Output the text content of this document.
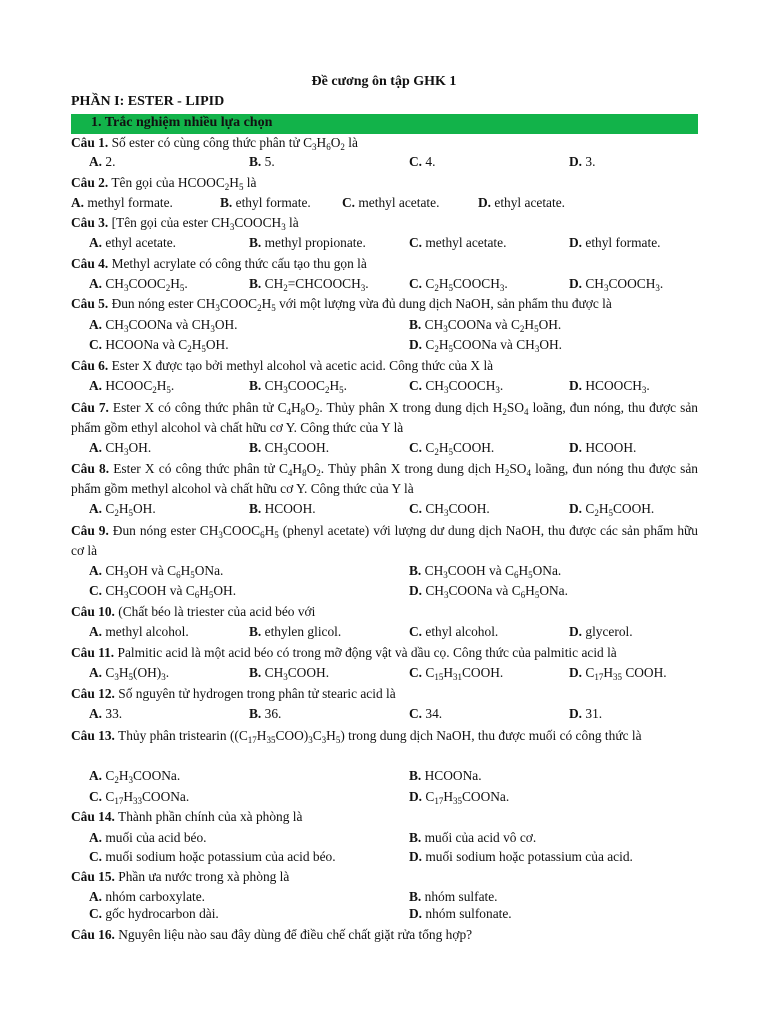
Đề cương ôn tập GHK 1
PHẦN I: ESTER - LIPID
1. Trắc nghiệm nhiều lựa chọn
Câu 1. Số ester có cùng công thức phân tử $C_3H_6O_2$ là
A. 2.	B. 5.	C. 4.	D. 3.
Câu 2. Tên gọi của $HCOOC_2H_5$ là
A. methyl formate.	B. ethyl formate. C. methyl acetate.	D. ethyl acetate.
Câu 3. [Tên gọi của ester $CH_3COOCH_3$ là
A. ethyl acetate.	B. methyl propionate.	C. methyl acetate.	D. ethyl formate.
Câu 4. Methyl acrylate có công thức cấu tạo thu gọn là
A. $CH_3COOC_2H_5$.	B. $CH_2=CHCOOCH_3$.	C. $C_2H_5COOCH_3$.	D. $CH_3COOCH_3$.
Câu 5. Đun nóng ester $CH_3COOC_2H_5$ với một lượng vừa đủ dung dịch NaOH, sản phẩm thu được là
A. $CH_3COONa$ và $CH_3OH$.	B. $CH_3COONa$ và $C_2H_5OH$.
C. HCOONa và $C_2H_5OH$.	D. $C_2H_5COONa$ và $CH_3OH$.
Câu 6. Ester X được tạo bởi methyl alcohol và acetic acid. Công thức của X là
A. $HCOOC_2H_5$.	B. $CH_3COOC_2H_5$.	C. $CH_3COOCH_3$.	D. $HCOOCH_3$.
Câu 7. Ester X có công thức phân tử $C_4H_8O_2$. Thủy phân X trong dung dịch $H_2SO_4$ loãng, đun nóng, thu được sản phẩm gồm ethyl alcohol và chất hữu cơ Y. Công thức của Y là
A. $CH_3OH$.	B. $CH_3COOH$.	C. $C_2H_5COOH$.	D. HCOOH.
Câu 8. Ester X có công thức phân tử $C_4H_8O_2$. Thủy phân X trong dung dịch $H_2SO_4$ loãng, đun nóng thu được sản phẩm gồm methyl alcohol và chất hữu cơ Y. Công thức của Y là
A. $C_2H_5OH$.	B. HCOOH.	C. $CH_3COOH$.	D. $C_2H_5COOH$.
Câu 9. Đun nóng ester $CH_3COOC_6H_5$ (phenyl acetate) với lượng dư dung dịch NaOH, thu được các sản phẩm hữu cơ là
A. $CH_3OH$ và $C_6H_5ONa$.	B. $CH_3COOH$ và $C_6H_5ONa$.
C. $CH_3COOH$ và $C_6H_5OH$.	D. $CH_3COONa$ và $C_6H_5ONa$.
Câu 10. (Chất béo là triester của acid béo với
A. methyl alcohol.	B. ethylen glicol.	C. ethyl alcohol.	D. glycerol.
Câu 11. Palmitic acid là một acid béo có trong mỡ động vật và dầu cọ. Công thức của palmitic acid là
A. $C_3H_5(OH)_3$.	B. $CH_3COOH$.	C. $C_{15}H_{31}COOH$.	D. $C_{17}H_{35}$ COOH.
Câu 12. Số nguyên tử hydrogen trong phân tử stearic acid là
A. 33.	B. 36.	C. 34.	D. 31.
Câu 13. Thủy phân tristearin $((C_{17}H_{35}COO)_3C_3H_5)$ trong dung dịch NaOH, thu được muối có công thức là
A. $C_2H_3COONa$.	B. HCOONa.
C. $C_{17}H_{33}COONa$.	D. $C_{17}H_{35}COONa$.
Câu 14. Thành phần chính của xà phòng là
A. muối của acid béo.	B. muối của acid vô cơ.
C. muối sodium hoặc potassium của acid béo.	D. muối sodium hoặc potassium của acid.
Câu 15. Phần ưa nước trong xà phòng là
A. nhóm carboxylate.	B. nhóm sulfate.
C. gốc hydrocarbon dài.	D. nhóm sulfonate.
Câu 16. Nguyên liệu nào sau đây dùng để điều chế chất giặt rửa tổng hợp?
